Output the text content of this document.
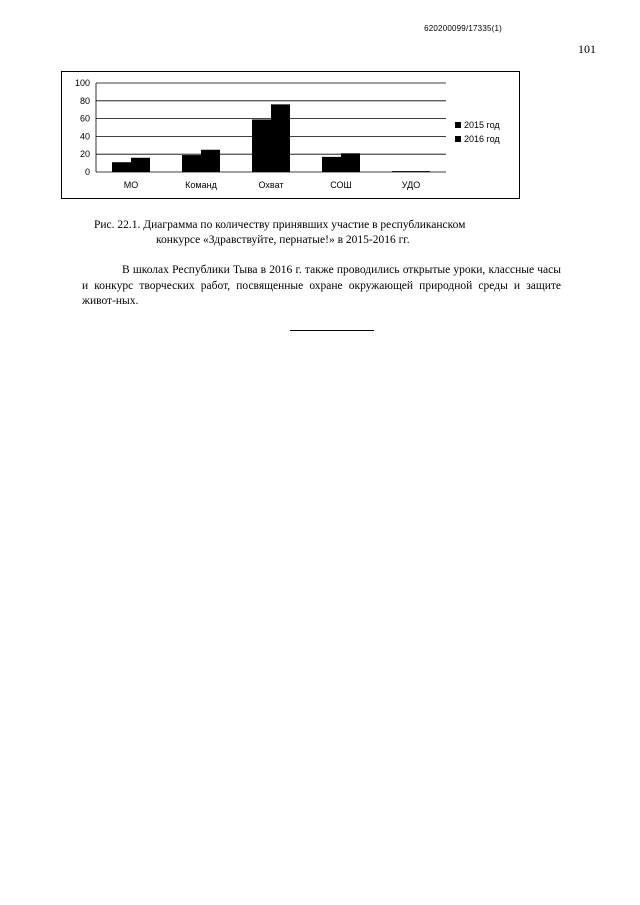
620200099/17335(1)
101
0
20
40
60
80
100
МО	Команд	Охват	СОШ	УДО
2015 год
2016 год
Рис. 22.1. Диаграмма по количеству принявших участие в республиканском
конкурсе «Здравствуйте, пернатые!» в 2015-2016 гг.
В школах Республики Тыва в 2016 г. также проводились открытые уроки, классные часы и конкурс творческих работ, посвященные охране окружающей природной среды и защите живот-ных.
